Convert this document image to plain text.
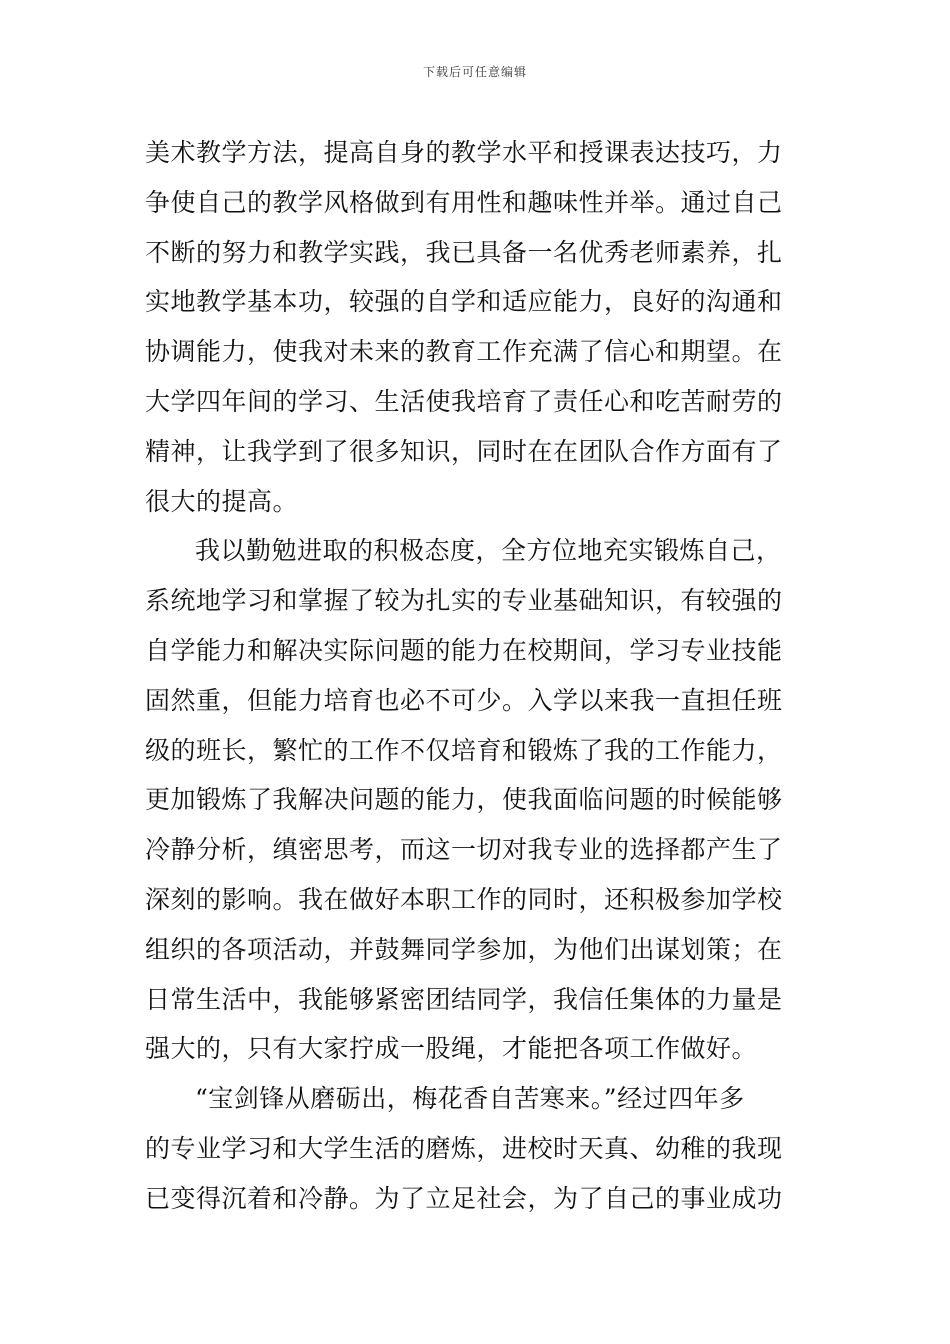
下载后可任意编辑
美术教学方法，提高自身的教学水平和授课表达技巧，力
争使自己的教学风格做到有用性和趣味性并举。通过自己
不断的努力和教学实践，我已具备一名优秀老师素养，扎
实地教学基本功，较强的自学和适应能力，良好的沟通和
协调能力，使我对未来的教育工作充满了信心和期望。在
大学四年间的学习、生活使我培育了责任心和吃苦耐劳的
精神，让我学到了很多知识，同时在在团队合作方面有了
很大的提高。
我以勤勉进取的积极态度，全方位地充实锻炼自己，
系统地学习和掌握了较为扎实的专业基础知识，有较强的
自学能力和解决实际问题的能力在校期间，学习专业技能
固然重，但能力培育也必不可少。入学以来我一直担任班
级的班长，繁忙的工作不仅培育和锻炼了我的工作能力，
更加锻炼了我解决问题的能力，使我面临问题的时候能够
冷静分析，缜密思考，而这一切对我专业的选择都产生了
深刻的影响。我在做好本职工作的同时，还积极参加学校
组织的各项活动，并鼓舞同学参加，为他们出谋划策；在
日常生活中，我能够紧密团结同学，我信任集体的力量是
强大的，只有大家拧成一股绳，才能把各项工作做好。
“宝剑锋从磨砺出，梅花香自苦寒来。”经过四年多
的专业学习和大学生活的磨炼，进校时天真、幼稚的我现
已变得沉着和冷静。为了立足社会，为了自己的事业成功
